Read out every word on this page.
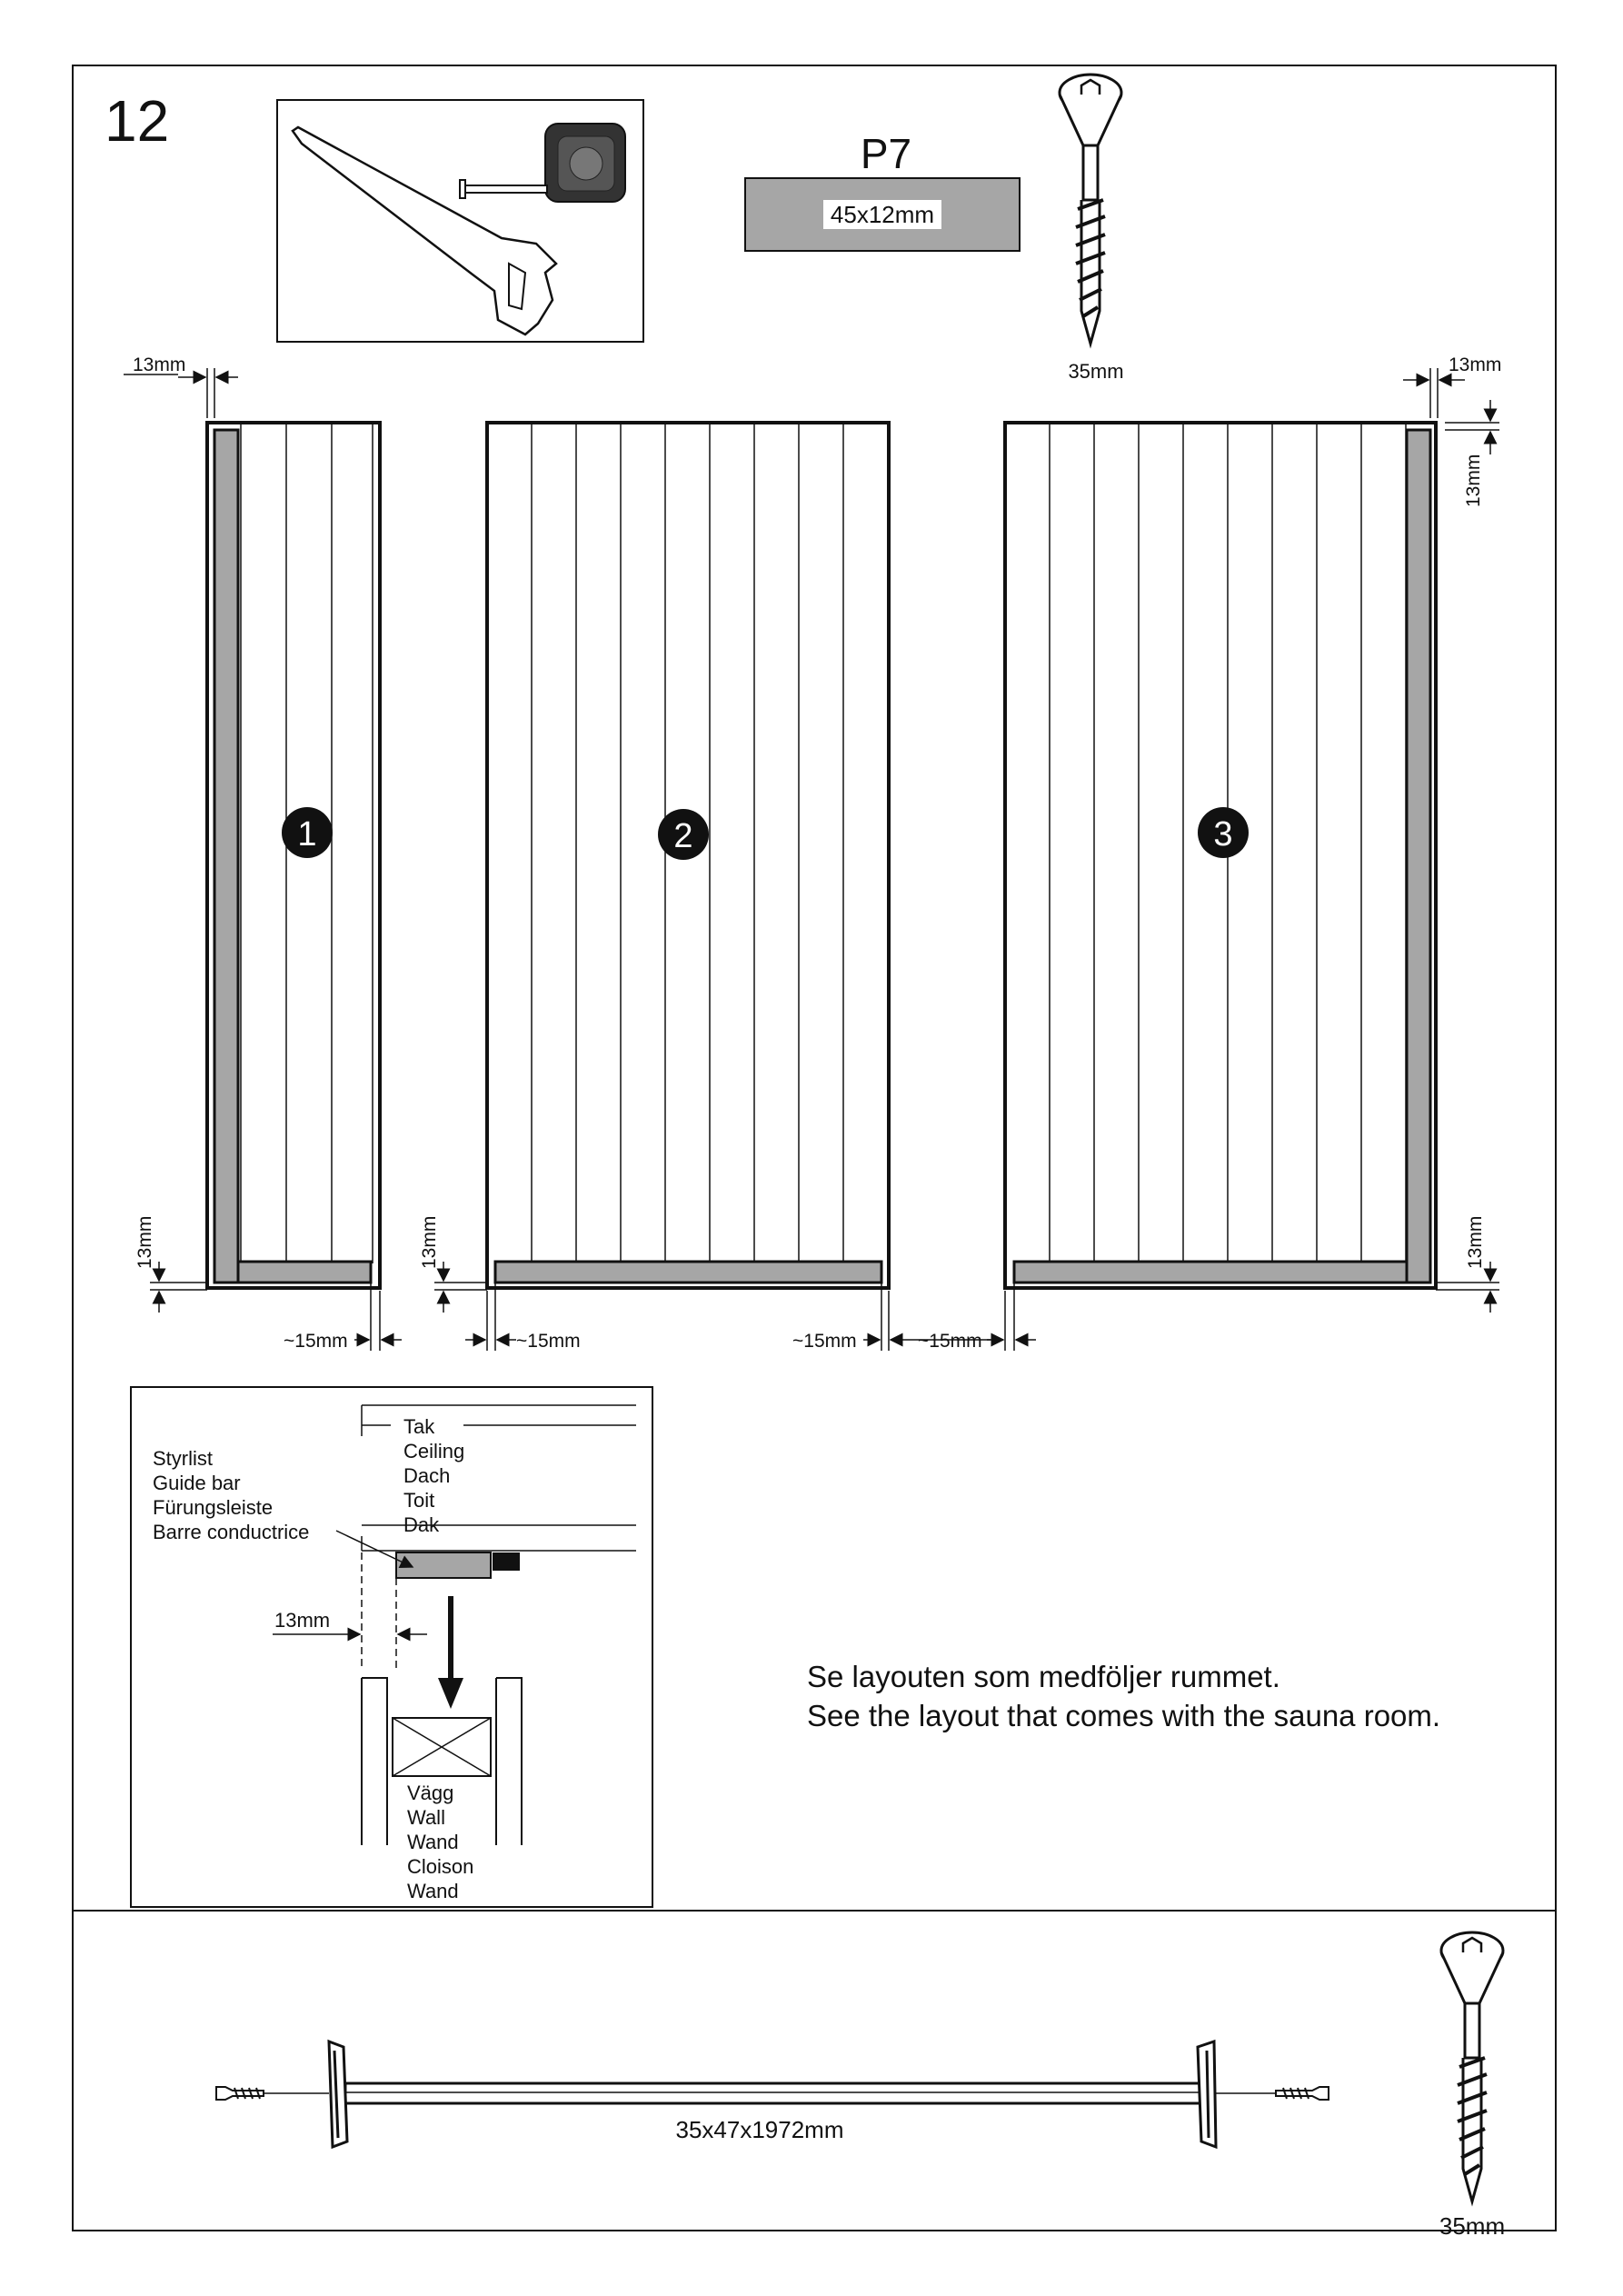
12	P7
45x12mm
35mm
1	2	3
13mm	13mm
13mm
13mm	13mm	13mm
~15mm	~15mm	~15mm	~15mm
Tak
Ceiling
Dach
Toit
Dak
Styrlist
Guide bar
Fürungsleiste
Barre conductrice
13mm
Vägg
Wall
Wand
Cloison
Wand
Se layouten som medföljer rummet.
See the layout that comes with the sauna room.
35x47x1972mm
35mm
